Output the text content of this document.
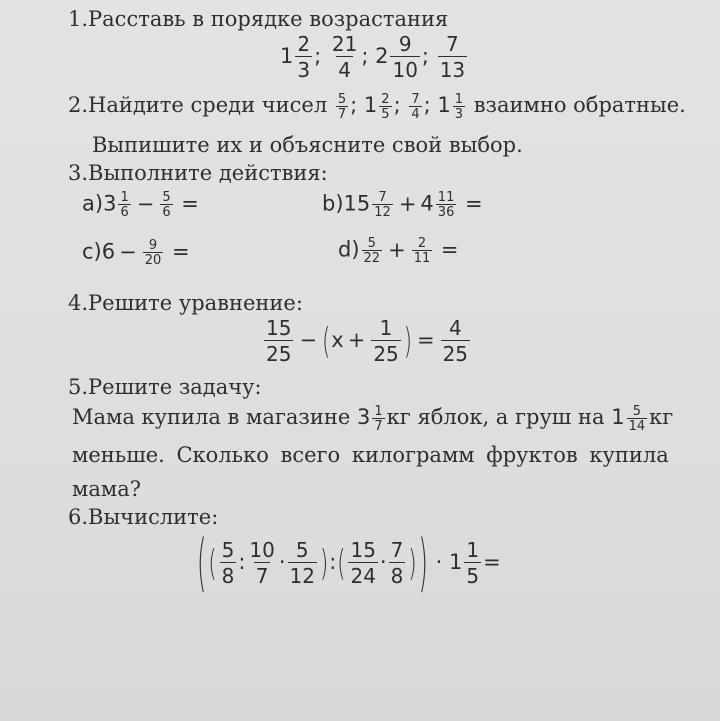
1.Расставь в порядке возрастания
$1 \frac{2}{3}$ ; $\frac{21}{4}$ ; $2 \frac{9}{10}$ ; $\frac{7}{13}$
2.Найдите среди чисел $\frac{5}{7}$ ; $1 \frac{2}{5}$ ; $\frac{7}{4}$ ; $1 \frac{1}{3}$ взаимно обратные.
Выпишите их и объясните свой выбор.
3.Выполните действия:
$a)3 \frac{1}{6} - \frac{5}{6}$ =	$b)15 \frac{7}{12} + 4 \frac{11}{36}$ =
$c)6 - \frac{9}{20}$ =	$d) \frac{5}{22} + \frac{2}{11}$ =
4.Решите уравнение:
$\frac{15}{25} - (x + \frac{1}{25}$ ) = $\frac{4}{25}$
5.Решите задачу:
Мама купила в магазине $3 \frac{1}{7}$ кг яблок, а груш на $1 \frac{5}{14}$ кг
меньше. Сколько всего килограмм фруктов купила
мама?
6.Вычислите:
(( $\frac{5}{8}$ : $\frac{10}{7} \cdot \frac{5}{12}$ ):( $\frac{15}{24} \cdot \frac{7}{8}$ )) · $1 \frac{1}{5}$ =
